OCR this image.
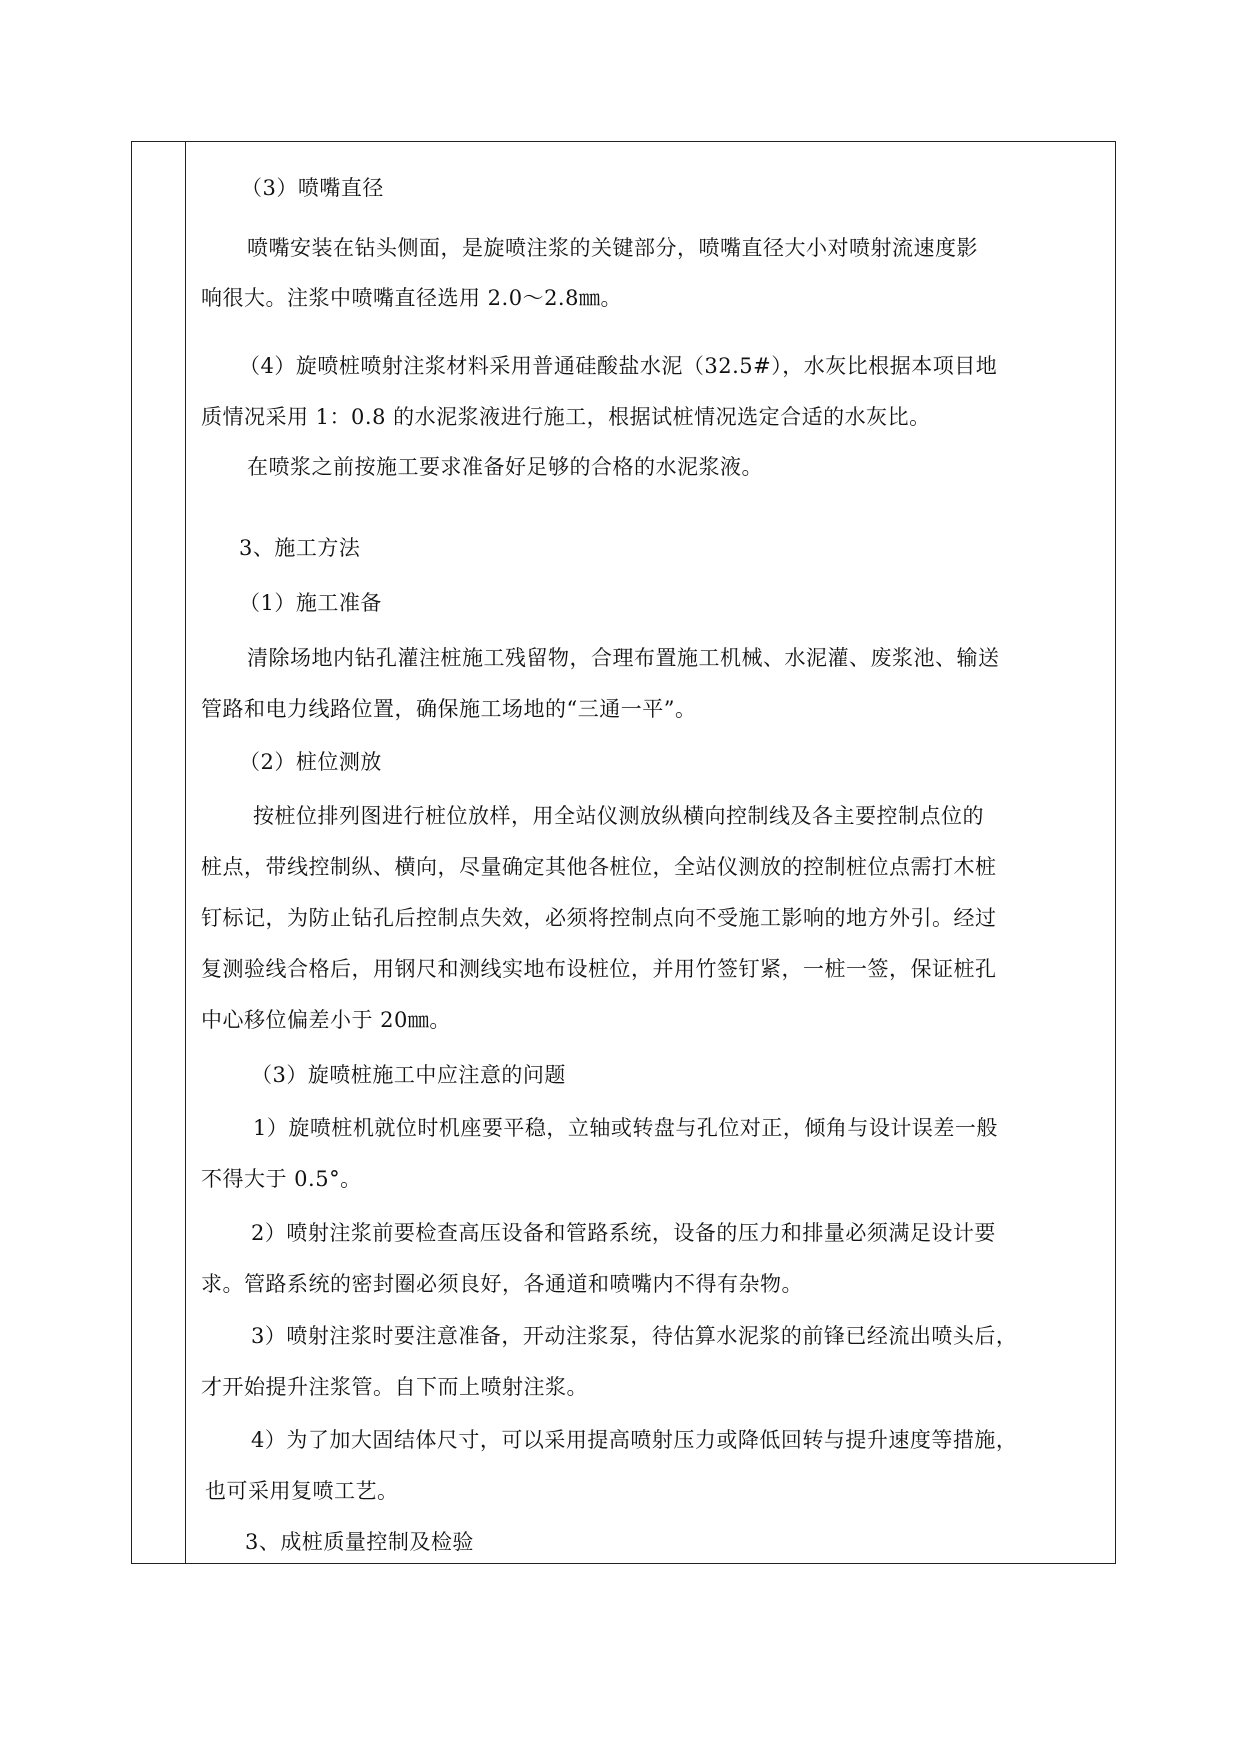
（3）喷嘴直径
喷嘴安装在钻头侧面，是旋喷注浆的关键部分，喷嘴直径大小对喷射流速度影
响很大。注浆中喷嘴直径选用 2.0～2.8㎜。
（4）旋喷桩喷射注浆材料采用普通硅酸盐水泥（32.5#），水灰比根据本项目地
质情况采用 1：0.8 的水泥浆液进行施工，根据试桩情况选定合适的水灰比。
在喷浆之前按施工要求准备好足够的合格的水泥浆液。
3、施工方法
（1）施工准备
清除场地内钻孔灌注桩施工残留物，合理布置施工机械、水泥灌、废浆池、输送
管路和电力线路位置，确保施工场地的“三通一平”。
（2）桩位测放
按桩位排列图进行桩位放样，用全站仪测放纵横向控制线及各主要控制点位的
桩点，带线控制纵、横向，尽量确定其他各桩位，全站仪测放的控制桩位点需打木桩
钉标记，为防止钻孔后控制点失效，必须将控制点向不受施工影响的地方外引。经过
复测验线合格后，用钢尺和测线实地布设桩位，并用竹签钉紧，一桩一签，保证桩孔
中心移位偏差小于 20㎜。
（3）旋喷桩施工中应注意的问题
1）旋喷桩机就位时机座要平稳，立轴或转盘与孔位对正，倾角与设计误差一般
不得大于 0.5°。
2）喷射注浆前要检查高压设备和管路系统，设备的压力和排量必须满足设计要
求。管路系统的密封圈必须良好，各通道和喷嘴内不得有杂物。
3）喷射注浆时要注意准备，开动注浆泵，待估算水泥浆的前锋已经流出喷头后，
才开始提升注浆管。自下而上喷射注浆。
4）为了加大固结体尺寸，可以采用提高喷射压力或降低回转与提升速度等措施，
也可采用复喷工艺。
3、成桩质量控制及检验
